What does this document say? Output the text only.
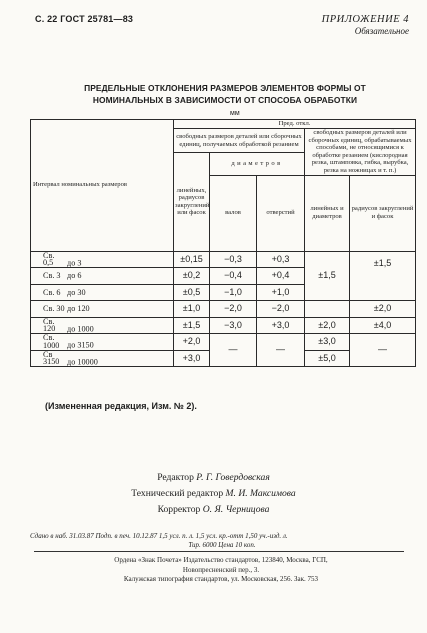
С. 22 ГОСТ 25781—83	ПРИЛОЖЕНИЕ 4
Обязательное
ПРЕДЕЛЬНЫЕ ОТКЛОНЕНИЯ РАЗМЕРОВ ЭЛЕМЕНТОВ ФОРМЫ ОТ
НОМИНАЛЬНЫХ В ЗАВИСИМОСТИ ОТ СПОСОБА ОБРАБОТКИ
мм
Интервал номинальных размеров	Пред. откл.				
	свободных размеров деталей или сборочных единиц, получаемых обработкой резанием			свободных размеров деталей или сборочных единиц, обрабатываемых способами, не относящимися к обработке резанием (кислородная резка, штамповка, гибка, вырубка, резка на ножницах и т. п.)	
	линейных, радиусов закруглений или фасок	диаметров			
		валов	отверстий	линейных и диаметров	радиусов закруглений и фасок
Св. 0,5 до 3	±0,15	−0,3	+0,3	±1,5	±1,5
Св. 3 до 6	±0,2	−0,4	+0,4		
Св. 6 до 30	±0,5	−1,0	+1,0		
Св. 30 до 120	±1,0	−2,0	−2,0		±2,0
Св. 120 до 1000	±1,5	−3,0	+3,0	±2,0	±4,0
Св. 1000 до 3150	+2,0	—	—	±3,0	—
Св 3150 до 10000	+3,0			±5,0	
(Измененная редакция, Изм. № 2).
Редактор Р. Г. Говердовская
Технический редактор М. И. Максимова
Корректор О. Я. Черницова
Сдано в наб. 31.03.87 Подп. в печ. 10.12.87 1,5 усл. п. л. 1,5 усл. кр.-отт 1,50 уч.-изд. л.
Тир. 6000 Цена 10 коп.
Ордена «Знак Почета» Издательство стандартов, 123840, Москва, ГСП,
Новопресненский пер., 3.
Калужская типография стандартов, ул. Московская, 256. Зак. 753
